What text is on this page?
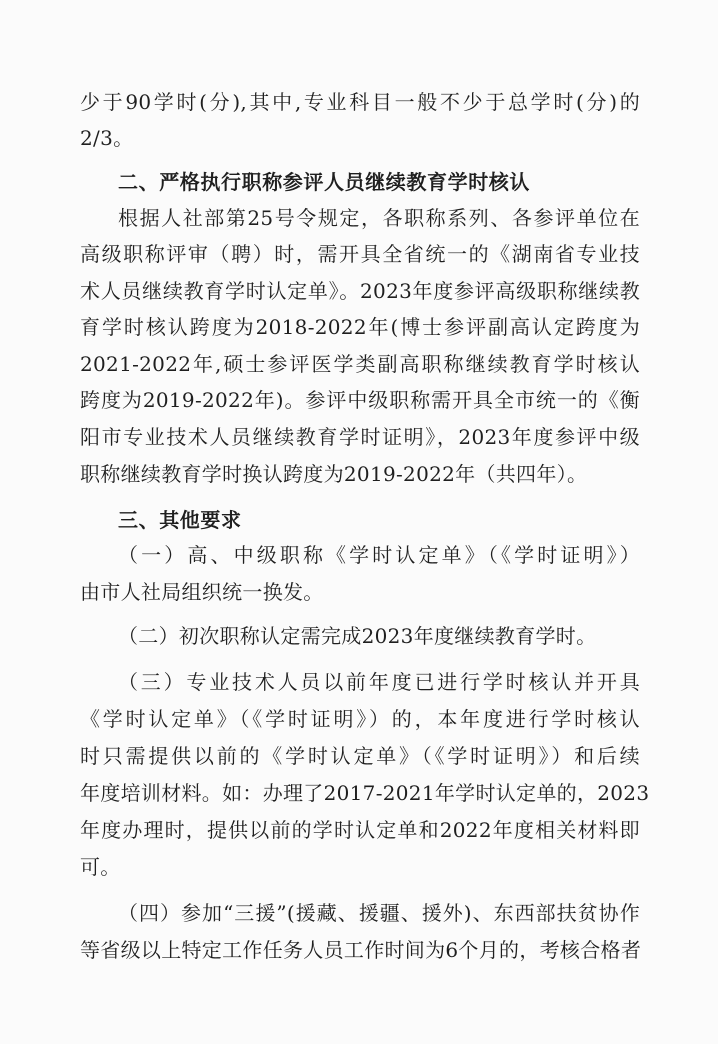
少于90学时(分),其中,专业科目一般不少于总学时(分)的
2/3。
二、严格执行职称参评人员继续教育学时核认
根据人社部第25号令规定，各职称系列、各参评单位在
高级职称评审（聘）时，需开具全省统一的《湖南省专业技
术人员继续教育学时认定单》。2023年度参评高级职称继续教
育学时核认跨度为2018-2022年(博士参评副高认定跨度为
2021-2022年,硕士参评医学类副高职称继续教育学时核认
跨度为2019-2022年)。参评中级职称需开具全市统一的《衡
阳市专业技术人员继续教育学时证明》，2023年度参评中级
职称继续教育学时换认跨度为2019-2022年（共四年）。
三、其他要求
（一）高、中级职称《学时认定单》（《学时证明》）
由市人社局组织统一换发。
（二）初次职称认定需完成2023年度继续教育学时。
（三）专业技术人员以前年度已进行学时核认并开具
《学时认定单》（《学时证明》）的，本年度进行学时核认
时只需提供以前的《学时认定单》（《学时证明》）和后续
年度培训材料。如：办理了2017-2021年学时认定单的，2023
年度办理时，提供以前的学时认定单和2022年度相关材料即
可。
（四）参加“三援”(援藏、援疆、援外)、东西部扶贫协作
等省级以上特定工作任务人员工作时间为6个月的，考核合格者
